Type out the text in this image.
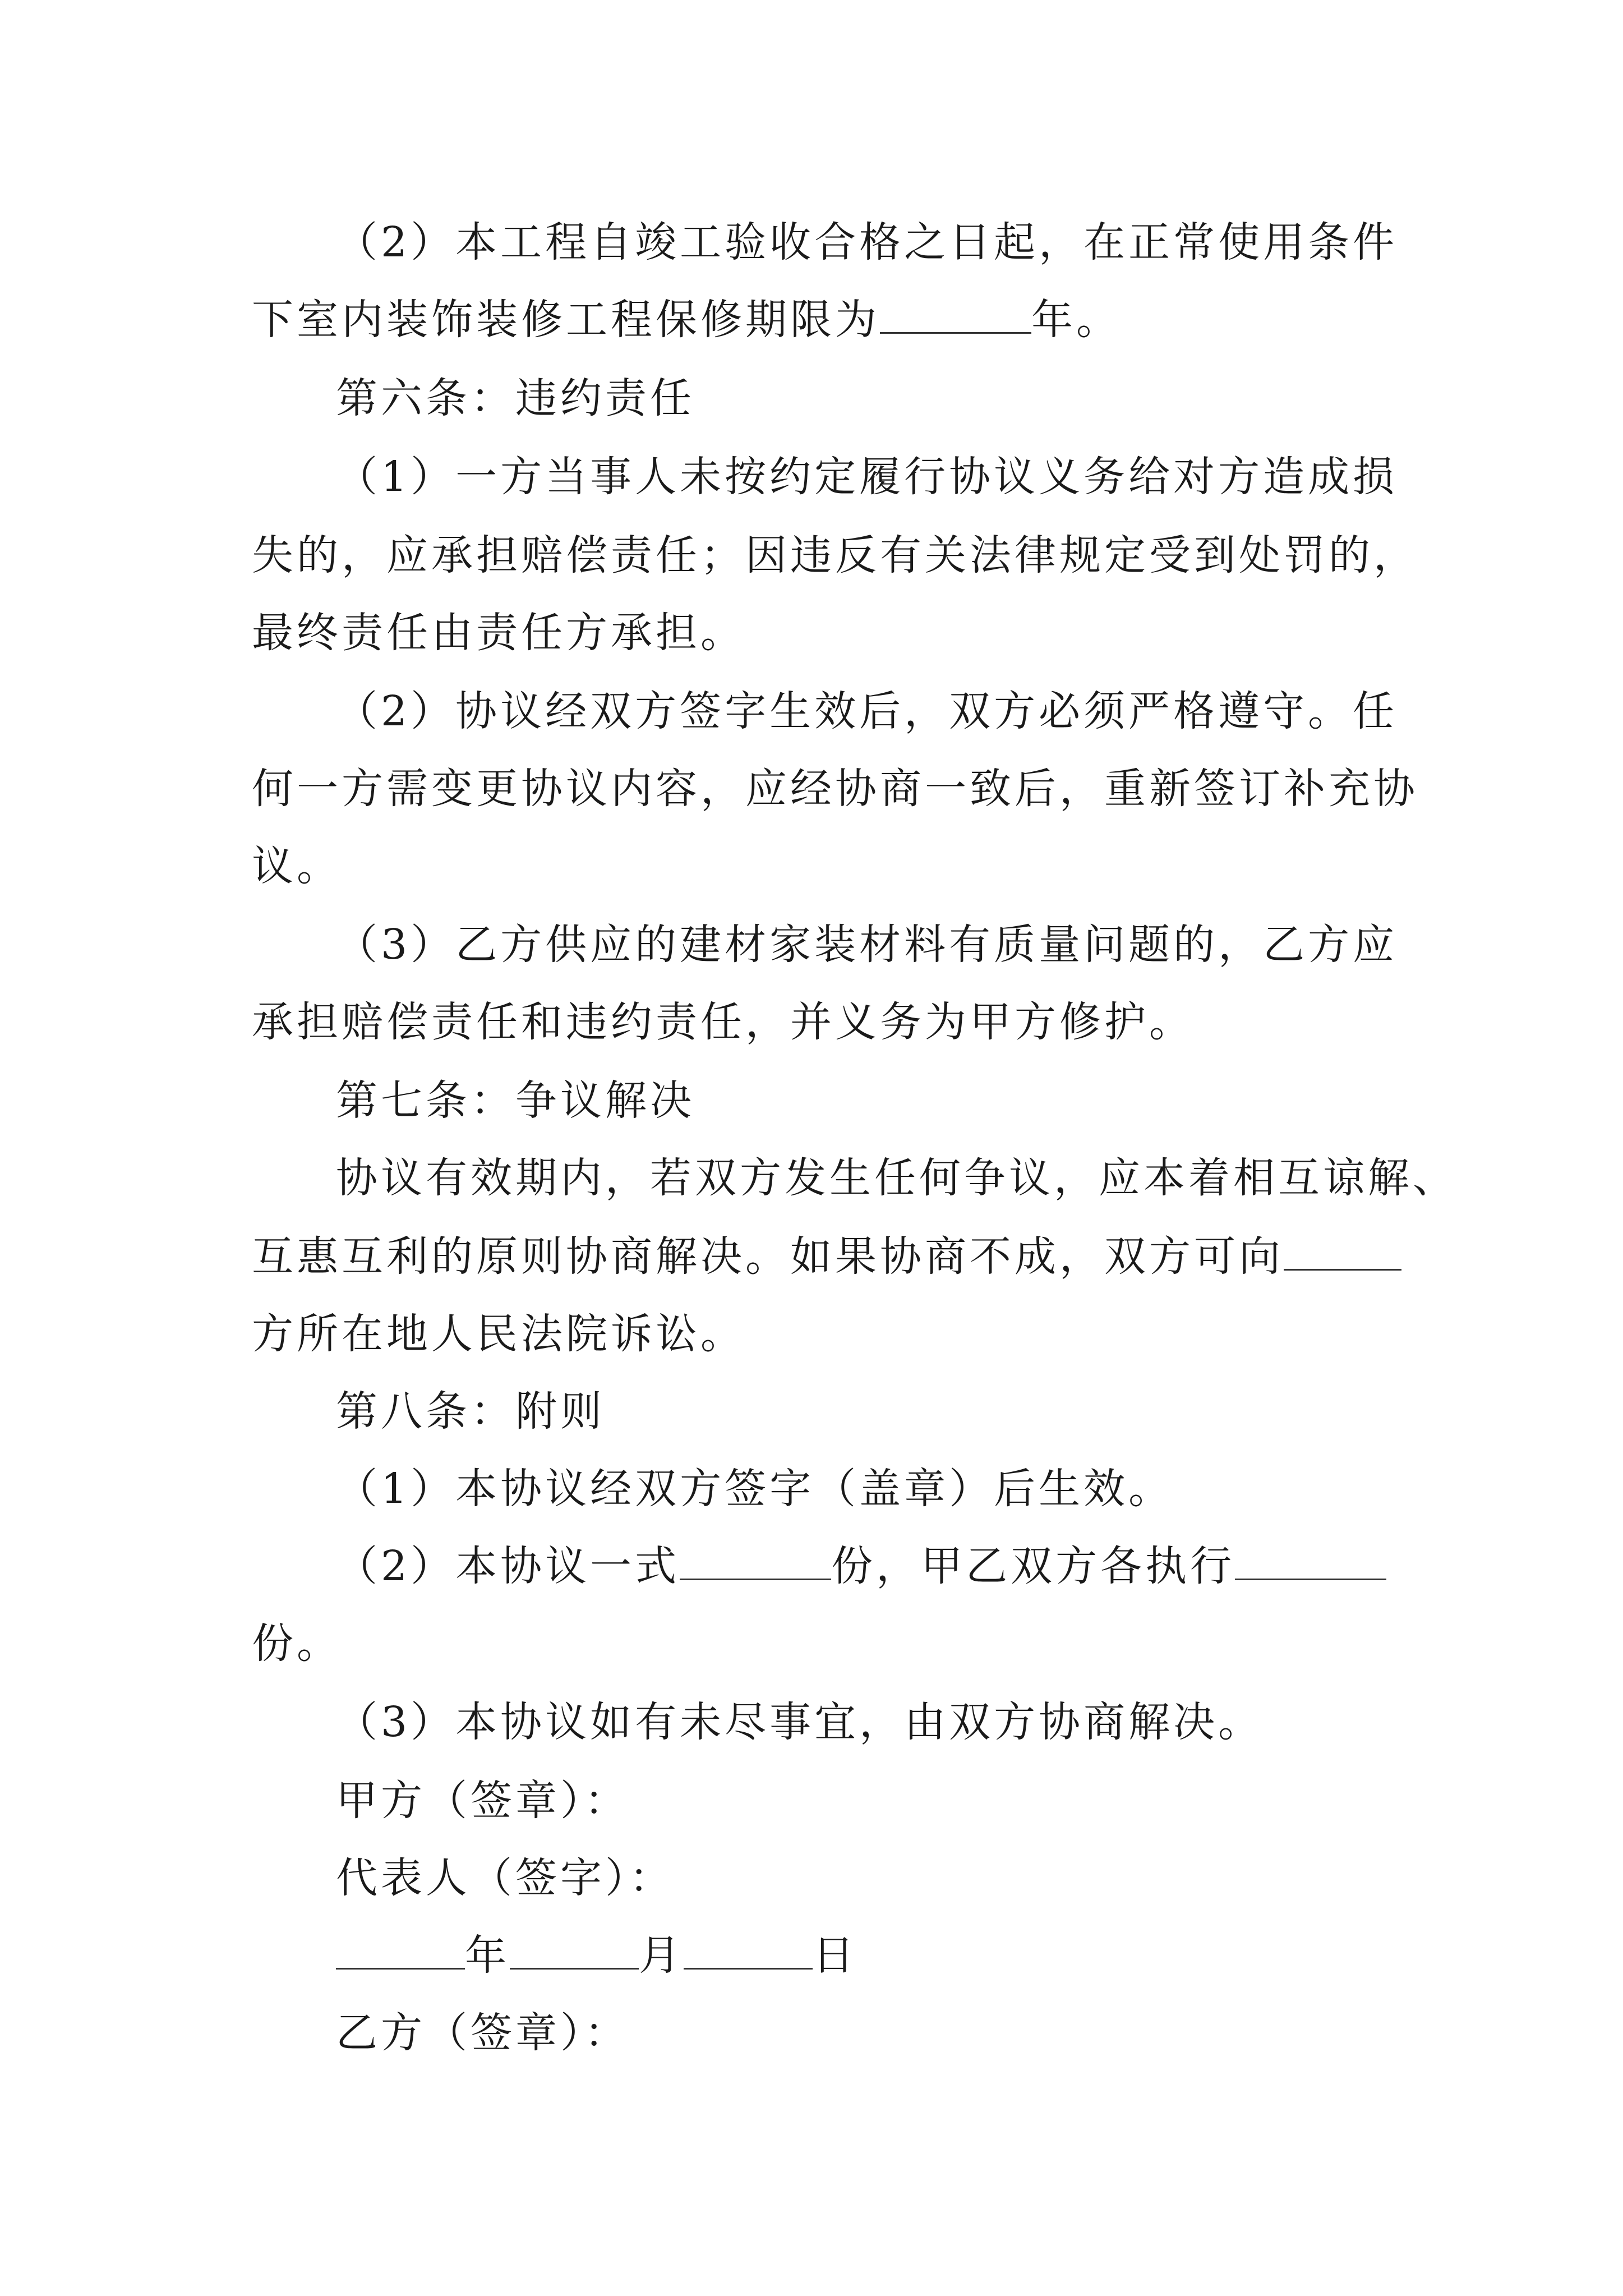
（2）本工程自竣工验收合格之日起，在正常使用条件
下室内装饰装修工程保修期限为	年。
第六条：违约责任
（1）一方当事人未按约定履行协议义务给对方造成损
失的，应承担赔偿责任；因违反有关法律规定受到处罚的，
最终责任由责任方承担。
（2）协议经双方签字生效后，双方必须严格遵守。任
何一方需变更协议内容，应经协商一致后，重新签订补充协
议。
（3）乙方供应的建材家装材料有质量问题的，乙方应
承担赔偿责任和违约责任，并义务为甲方修护。
第七条：争议解决
协议有效期内，若双方发生任何争议，应本着相互谅解、
互惠互利的原则协商解决。如果协商不成，双方可向
方所在地人民法院诉讼。
第八条：附则
（1）本协议经双方签字（盖章）后生效。
（2）本协议一式	份，甲乙双方各执行
份。
（3）本协议如有未尽事宜，由双方协商解决。
甲方（签章）：
代表人（签字）：
年	月	日
乙方（签章）：
